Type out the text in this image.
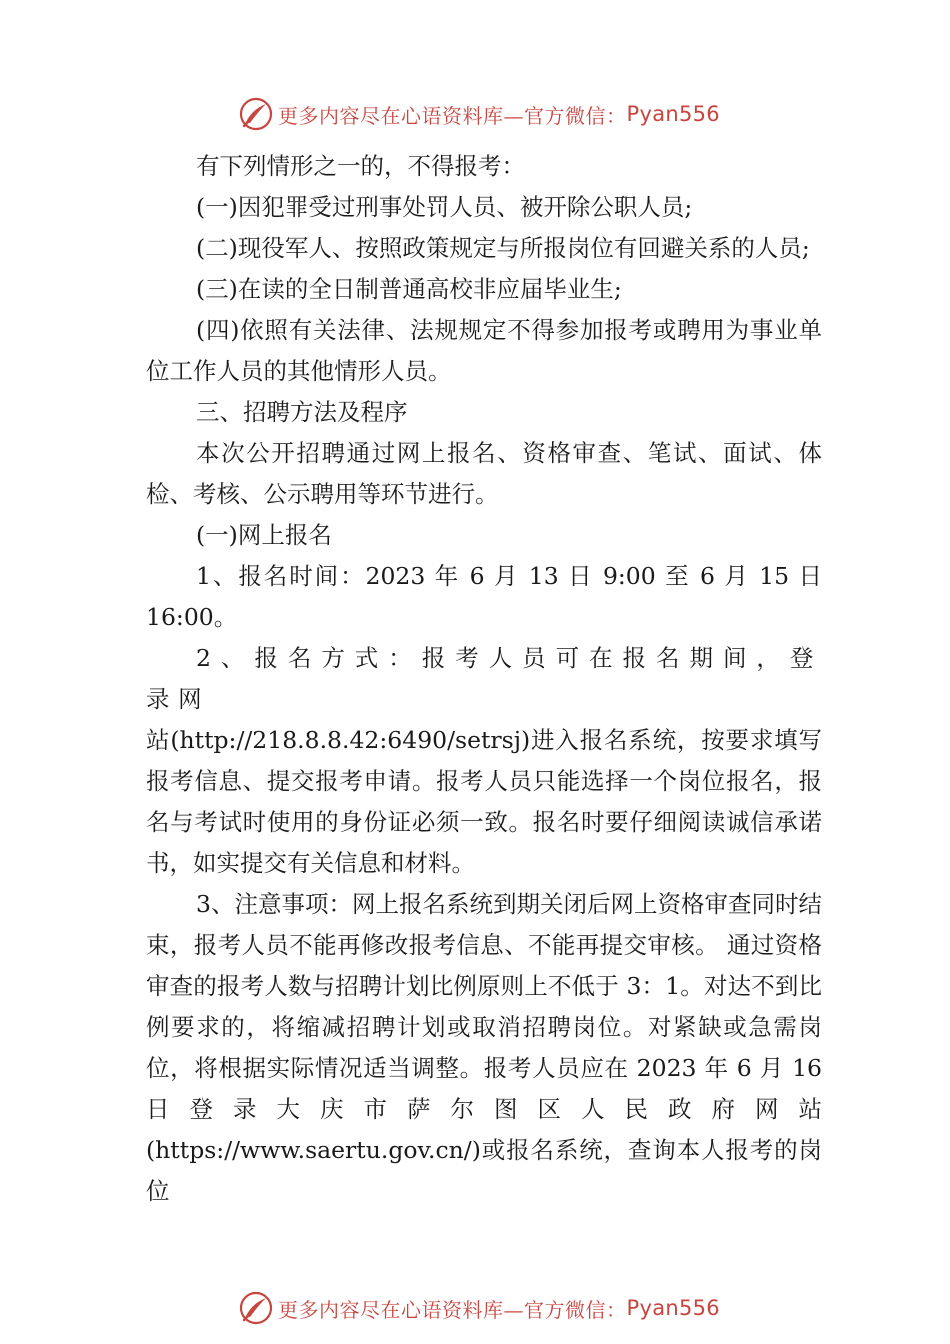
更多内容尽在心语资料库—官方微信： Pyan556

有下列情形之一的，不得报考：

(一)因犯罪受过刑事处罚人员、被开除公职人员;

(二)现役军人、按照政策规定与所报岗位有回避关系的人员;

(三)在读的全日制普通高校非应届毕业生;

(四)依照有关法律、法规规定不得参加报考或聘用为事业单位工作人员的其他情形人员。

三、招聘方法及程序

本次公开招聘通过网上报名、资格审查、笔试、面试、体检、考核、公示聘用等环节进行。

(一)网上报名

1、报名时间：2023 年 6 月 13 日 9:00 至 6 月 15 日 16:00。

2、报名方式：报考人员可在报名期间，登录网

站(http://218.8.8.42:6490/setrsj)进入报名系统，按要求填写报考信息、提交报考申请。报考人员只能选择一个岗位报名，报名与考试时使用的身份证必须一致。报名时要仔细阅读诚信承诺书，如实提交有关信息和材料。

3、注意事项：网上报名系统到期关闭后网上资格审查同时结束，报考人员不能再修改报考信息、不能再提交审核。 通过资格审查的报考人数与招聘计划比例原则上不低于 3：1。对达不到比例要求的，将缩减招聘计划或取消招聘岗位。对紧缺或急需岗位，将根据实际情况适当调整。报考人员应在 2023 年 6 月 16 日登录大庆市萨尔图区人民政府网站(https://www.saertu.gov.cn/)或报名系统，查询本人报考的岗位

更多内容尽在心语资料库—官方微信： Pyan556
